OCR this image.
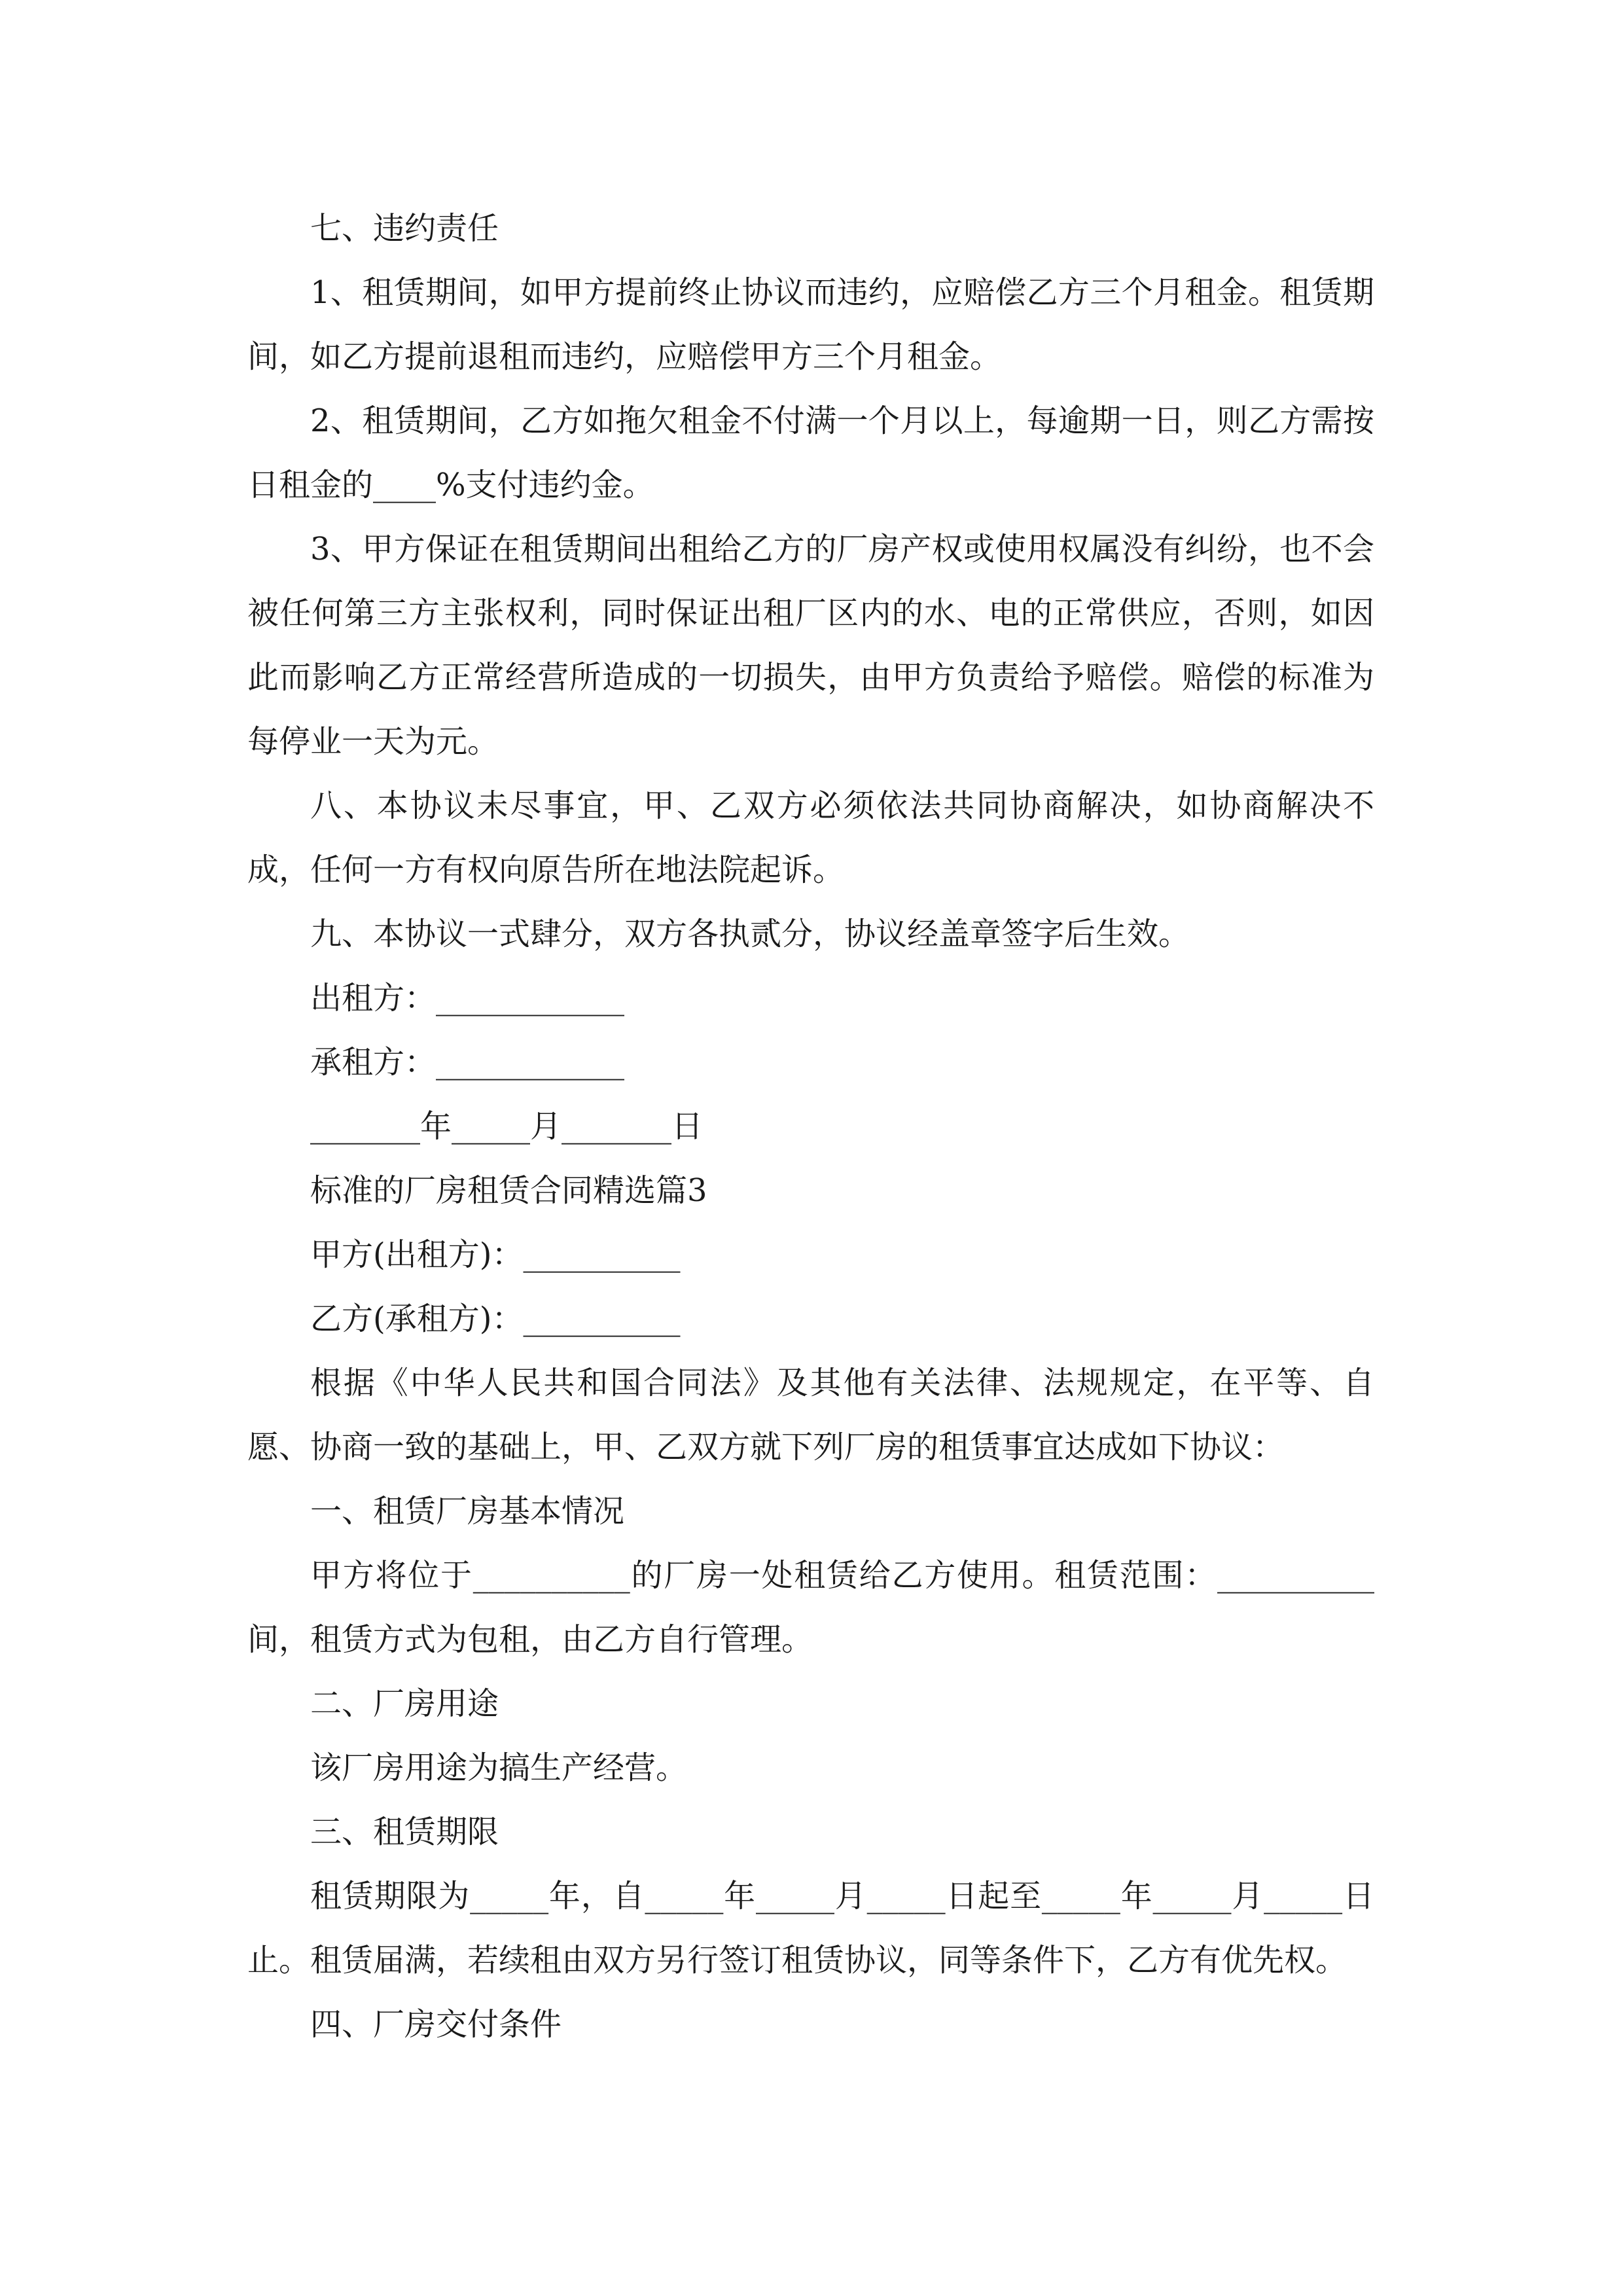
七、违约责任

1、租赁期间，如甲方提前终止协议而违约，应赔偿乙方三个月租金。租赁期间，如乙方提前退租而违约，应赔偿甲方三个月租金。

2、租赁期间，乙方如拖欠租金不付满一个月以上，每逾期一日，则乙方需按日租金的____%支付违约金。

3、甲方保证在租赁期间出租给乙方的厂房产权或使用权属没有纠纷，也不会被任何第三方主张权利，同时保证出租厂区内的水、电的正常供应，否则，如因此而影响乙方正常经营所造成的一切损失，由甲方负责给予赔偿。赔偿的标准为每停业一天为元。

八、本协议未尽事宜，甲、乙双方必须依法共同协商解决，如协商解决不成，任何一方有权向原告所在地法院起诉。

九、本协议一式肆分，双方各执贰分，协议经盖章签字后生效。

出租方：____________

承租方：____________

_______年_____月_______日

标准的厂房租赁合同精选篇3

甲方(出租方)：__________

乙方(承租方)：__________

根据《中华人民共和国合同法》及其他有关法律、法规规定，在平等、自愿、协商一致的基础上，甲、乙双方就下列厂房的租赁事宜达成如下协议：

一、租赁厂房基本情况

甲方将位于__________的厂房一处租赁给乙方使用。租赁范围：__________间，租赁方式为包租，由乙方自行管理。

二、厂房用途

该厂房用途为搞生产经营。

三、租赁期限

租赁期限为_____年，自_____年_____月_____日起至_____年_____月_____日止。租赁届满，若续租由双方另行签订租赁协议，同等条件下，乙方有优先权。

四、厂房交付条件
